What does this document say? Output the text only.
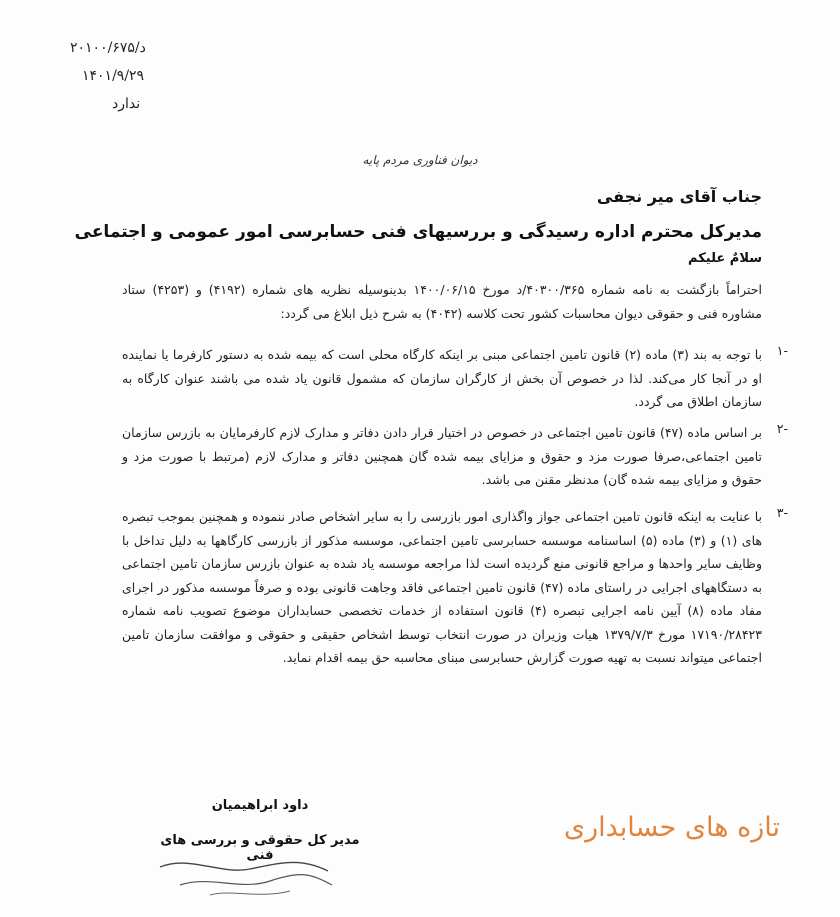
د/۲۰۱۰۰/۶۷۵
۱۴۰۱/۹/۲۹
ندارد
دیوان فناوری مردم پایه
جناب آقای میر نجفی
مدیرکل محترم اداره رسیدگی و بررسیهای فنی حسابرسی امور عمومی و اجتماعی
سلامٌ علیکم
احتراماً بازگشت به نامه شماره ۴۰۳۰۰/۳۶۵/د مورخ ۱۴۰۰/۰۶/۱۵ بدینوسیله نظریه های شماره (۴۱۹۲) و (۴۲۵۳) ستاد مشاوره فنی و حقوقی دیوان محاسبات کشور تحت کلاسه (۴۰۴۲) به شرح ذیل ابلاغ می گردد:
-۱
با توجه به بند (۳) ماده (۲) قانون تامین اجتماعی مبنی بر اینکه کارگاه محلی است که بیمه شده به دستور کارفرما یا نماینده او در آنجا کار می‌کند. لذا در خصوص آن بخش از کارگران سازمان که مشمول قانون یاد شده می باشند عنوان کارگاه به سازمان اطلاق می گردد.
-۲
بر اساس ماده (۴۷) قانون تامین اجتماعی در خصوص در اختیار قرار دادن دفاتر و مدارک لازم کارفرمایان به بازرس سازمان تامین اجتماعی،صرفا صورت مزد و حقوق و مزایای بیمه شده گان همچنین دفاتر و مدارک لازم (مرتبط با صورت مزد و حقوق و مزایای بیمه شده گان) مدنظر مقنن می باشد.
-۳
با عنایت به اینکه قانون تامین اجتماعی جواز واگذاری امور بازرسی را به سایر اشخاص صادر ننموده و همچنین بموجب تبصره های (۱) و (۳) ماده (۵) اساسنامه موسسه حسابرسی تامین اجتماعی، موسسه مذکور از بازرسی کارگاهها به دلیل تداخل با وظایف سایر واحدها و مراجع قانونی منع گردیده است لذا مراجعه موسسه یاد شده به عنوان بازرس سازمان تامین اجتماعی به دستگاههای اجرایی در راستای ماده (۴۷) قانون تامین اجتماعی فاقد وجاهت قانونی بوده و صرفاً موسسه مذکور در اجرای مفاد ماده (۸) آیین نامه اجرایی تبصره (۴) قانون استفاده از خدمات تخصصی حسابداران موضوع تصویب نامه شماره ۱۷۱۹۰/۲۸۴۲۳ مورخ ۱۳۷۹/۷/۳ هیات وزیران در صورت انتخاب توسط اشخاص حقیقی و حقوقی و موافقت سازمان تامین اجتماعی میتواند نسبت به تهیه صورت گزارش حسابرسی مبنای محاسبه حق بیمه اقدام نماید.
داود ابراهیمیان
مدیر کل حقوقی و بررسی های فنی
تازه های حسابداری
